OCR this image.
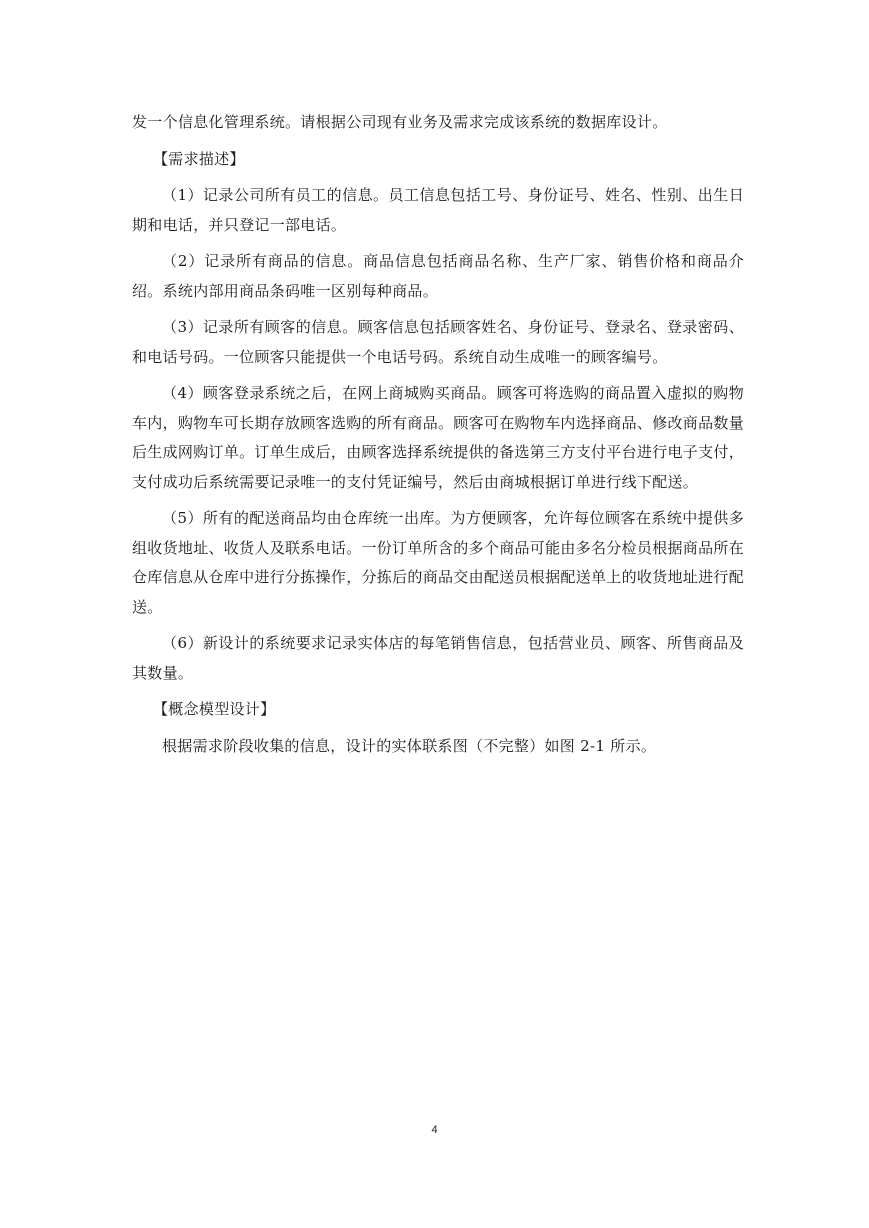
发一个信息化管理系统。请根据公司现有业务及需求完成该系统的数据库设计。

【需求描述】

（1）记录公司所有员工的信息。员工信息包括工号、身份证号、姓名、性别、出生日期和电话，并只登记一部电话。

（2）记录所有商品的信息。商品信息包括商品名称、生产厂家、销售价格和商品介绍。系统内部用商品条码唯一区别每种商品。

（3）记录所有顾客的信息。顾客信息包括顾客姓名、身份证号、登录名、登录密码、和电话号码。一位顾客只能提供一个电话号码。系统自动生成唯一的顾客编号。

（4）顾客登录系统之后，在网上商城购买商品。顾客可将选购的商品置入虚拟的购物车内，购物车可长期存放顾客选购的所有商品。顾客可在购物车内选择商品、修改商品数量后生成网购订单。订单生成后，由顾客选择系统提供的备选第三方支付平台进行电子支付，支付成功后系统需要记录唯一的支付凭证编号，然后由商城根据订单进行线下配送。

（5）所有的配送商品均由仓库统一出库。为方便顾客，允许每位顾客在系统中提供多组收货地址、收货人及联系电话。一份订单所含的多个商品可能由多名分检员根据商品所在仓库信息从仓库中进行分拣操作，分拣后的商品交由配送员根据配送单上的收货地址进行配送。

（6）新设计的系统要求记录实体店的每笔销售信息，包括营业员、顾客、所售商品及其数量。

【概念模型设计】

根据需求阶段收集的信息，设计的实体联系图（不完整）如图 2-1 所示。

4
